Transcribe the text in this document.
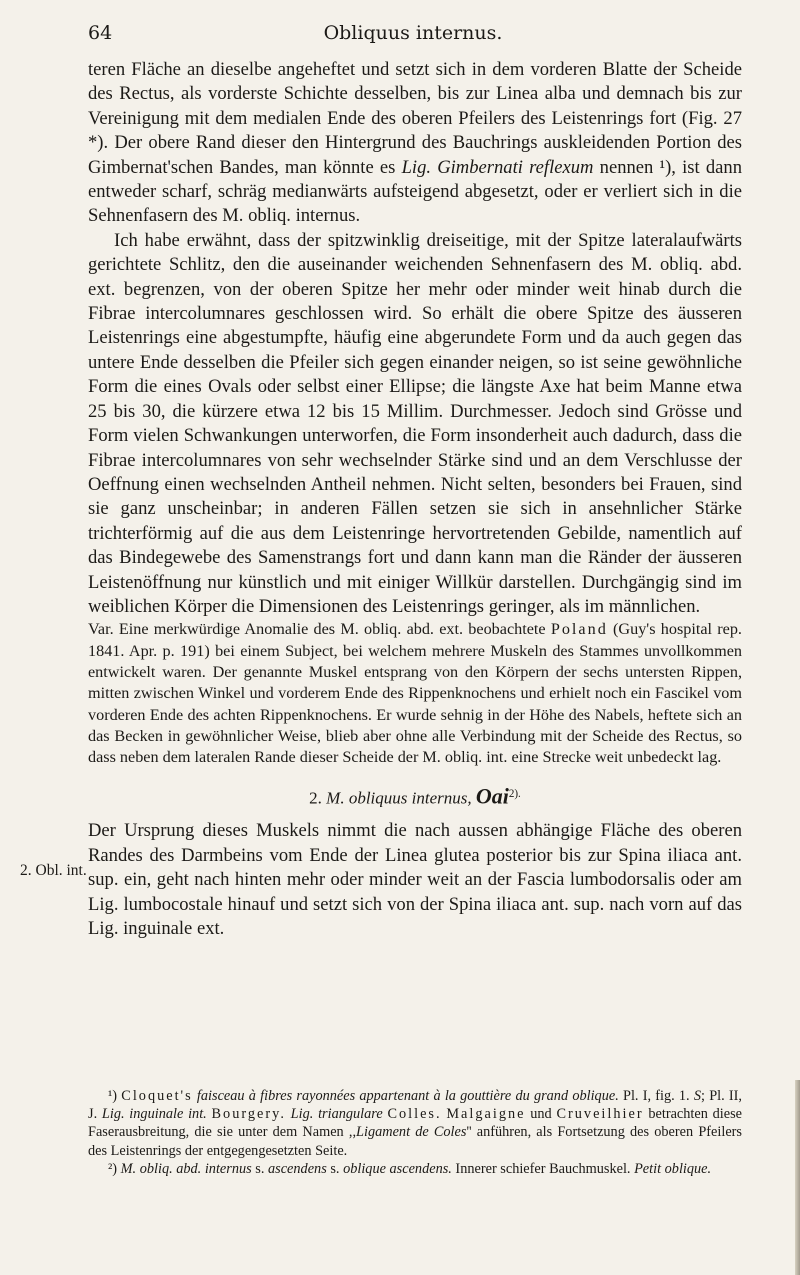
64	Obliquus internus.

teren Fläche an dieselbe angeheftet und setzt sich in dem vorderen Blatte der Scheide des Rectus, als vorderste Schichte desselben, bis zur Linea alba und demnach bis zur Vereinigung mit dem medialen Ende des oberen Pfeilers des Leistenrings fort (Fig. 27 *). Der obere Rand dieser den Hintergrund des Bauchrings auskleidenden Portion des Gimbernat'schen Bandes, man könnte es Lig. Gimbernati reflexum nennen ¹), ist dann entweder scharf, schräg medianwärts aufsteigend abgesetzt, oder er verliert sich in die Sehnenfasern des M. obliq. internus.

Ich habe erwähnt, dass der spitzwinklig dreiseitige, mit der Spitze lateralaufwärts gerichtete Schlitz, den die auseinander weichenden Sehnenfasern des M. obliq. abd. ext. begrenzen, von der oberen Spitze her mehr oder minder weit hinab durch die Fibrae intercolumnares geschlossen wird. So erhält die obere Spitze des äusseren Leistenrings eine abgestumpfte, häufig eine abgerundete Form und da auch gegen das untere Ende desselben die Pfeiler sich gegen einander neigen, so ist seine gewöhnliche Form die eines Ovals oder selbst einer Ellipse; die längste Axe hat beim Manne etwa 25 bis 30, die kürzere etwa 12 bis 15 Millim. Durchmesser. Jedoch sind Grösse und Form vielen Schwankungen unterworfen, die Form insonderheit auch dadurch, dass die Fibrae intercolumnares von sehr wechselnder Stärke sind und an dem Verschlusse der Oeffnung einen wechselnden Antheil nehmen. Nicht selten, besonders bei Frauen, sind sie ganz unscheinbar; in anderen Fällen setzen sie sich in ansehnlicher Stärke trichterförmig auf die aus dem Leistenringe hervortretenden Gebilde, namentlich auf das Bindegewebe des Samenstrangs fort und dann kann man die Ränder der äusseren Leistenöffnung nur künstlich und mit einiger Willkür darstellen. Durchgängig sind im weiblichen Körper die Dimensionen des Leistenrings geringer, als im männlichen.

Var. Eine merkwürdige Anomalie des M. obliq. abd. ext. beobachtete Poland (Guy's hospital rep. 1841. Apr. p. 191) bei einem Subject, bei welchem mehrere Muskeln des Stammes unvollkommen entwickelt waren. Der genannte Muskel entsprang von den Körpern der sechs untersten Rippen, mitten zwischen Winkel und vorderem Ende des Rippenknochens und erhielt noch ein Fascikel vom vorderen Ende des achten Rippenknochens. Er wurde sehnig in der Höhe des Nabels, heftete sich an das Becken in gewöhnlicher Weise, blieb aber ohne alle Verbindung mit der Scheide des Rectus, so dass neben dem lateralen Rande dieser Scheide der M. obliq. int. eine Strecke weit unbedeckt lag.

2. M. obliquus internus, Oai$^{2).}$

Der Ursprung dieses Muskels nimmt die nach aussen abhängige Fläche des oberen Randes des Darmbeins vom Ende der Linea glutea posterior bis zur Spina iliaca ant. sup. ein, geht nach hinten mehr oder minder weit an der Fascia lumbodorsalis oder am Lig. lumbocostale hinauf und setzt sich von der Spina iliaca ant. sup. nach vorn auf das Lig. inguinale ext.

2. Obl. int.

¹) Cloquet's faisceau à fibres rayonnées appartenant à la gouttière du grand oblique. Pl. I, fig. 1. S; Pl. II, J. Lig. inguinale int. Bourgery. Lig. triangulare Colles. Malgaigne und Cruveilhier betrachten diese Faserausbreitung, die sie unter dem Namen ,,Ligament de Coles'' anführen, als Fortsetzung des oberen Pfeilers des Leistenrings der entgegengesetzten Seite.

²) M. obliq. abd. internus s. ascendens s. oblique ascendens. Innerer schiefer Bauchmuskel. Petit oblique.
